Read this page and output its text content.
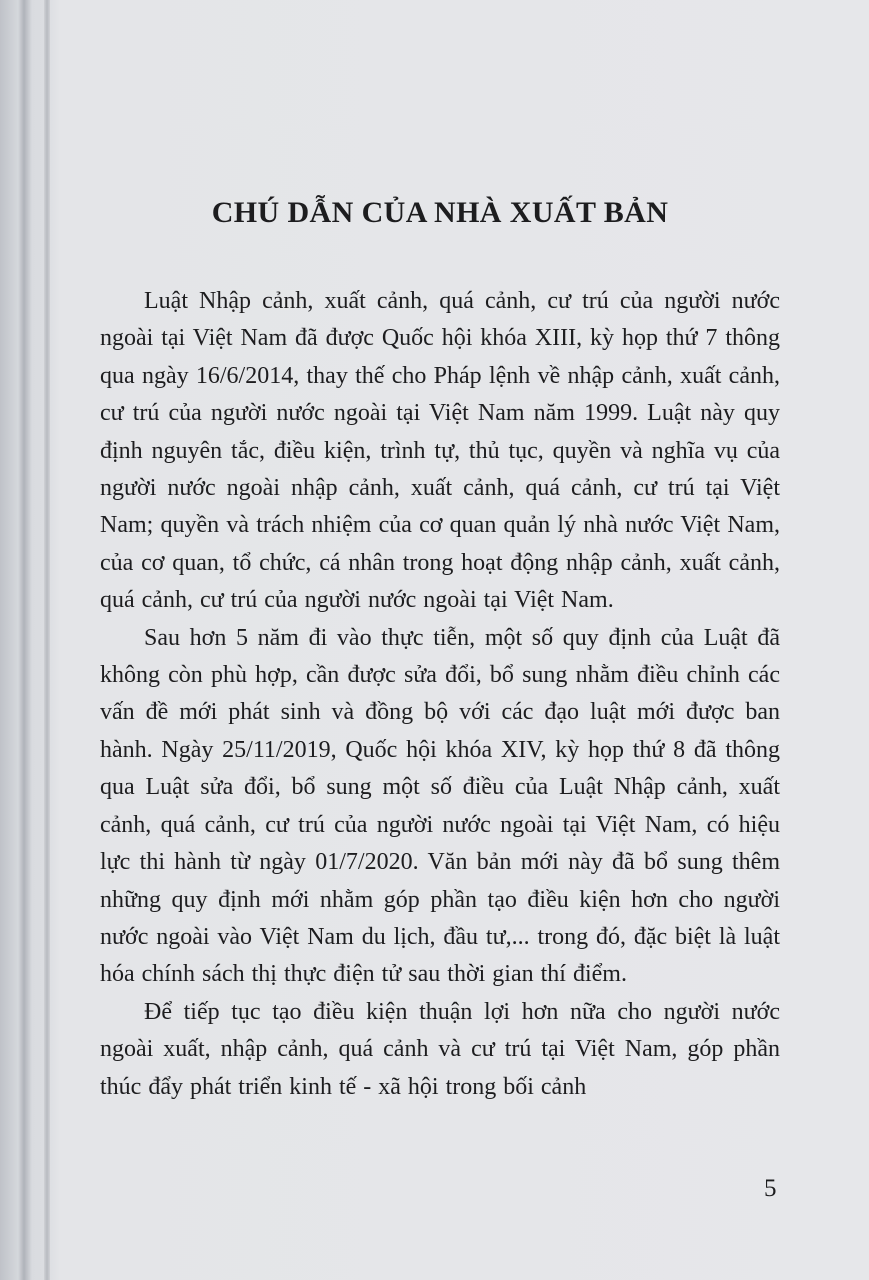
CHÚ DẪN CỦA NHÀ XUẤT BẢN

Luật Nhập cảnh, xuất cảnh, quá cảnh, cư trú của người nước ngoài tại Việt Nam đã được Quốc hội khóa XIII, kỳ họp thứ 7 thông qua ngày 16/6/2014, thay thế cho Pháp lệnh về nhập cảnh, xuất cảnh, cư trú của người nước ngoài tại Việt Nam năm 1999. Luật này quy định nguyên tắc, điều kiện, trình tự, thủ tục, quyền và nghĩa vụ của người nước ngoài nhập cảnh, xuất cảnh, quá cảnh, cư trú tại Việt Nam; quyền và trách nhiệm của cơ quan quản lý nhà nước Việt Nam, của cơ quan, tổ chức, cá nhân trong hoạt động nhập cảnh, xuất cảnh, quá cảnh, cư trú của người nước ngoài tại Việt Nam.

Sau hơn 5 năm đi vào thực tiễn, một số quy định của Luật đã không còn phù hợp, cần được sửa đổi, bổ sung nhằm điều chỉnh các vấn đề mới phát sinh và đồng bộ với các đạo luật mới được ban hành. Ngày 25/11/2019, Quốc hội khóa XIV, kỳ họp thứ 8 đã thông qua Luật sửa đổi, bổ sung một số điều của Luật Nhập cảnh, xuất cảnh, quá cảnh, cư trú của người nước ngoài tại Việt Nam, có hiệu lực thi hành từ ngày 01/7/2020. Văn bản mới này đã bổ sung thêm những quy định mới nhằm góp phần tạo điều kiện hơn cho người nước ngoài vào Việt Nam du lịch, đầu tư,... trong đó, đặc biệt là luật hóa chính sách thị thực điện tử sau thời gian thí điểm.

Để tiếp tục tạo điều kiện thuận lợi hơn nữa cho người nước ngoài xuất, nhập cảnh, quá cảnh và cư trú tại Việt Nam, góp phần thúc đẩy phát triển kinh tế - xã hội trong bối cảnh

5
